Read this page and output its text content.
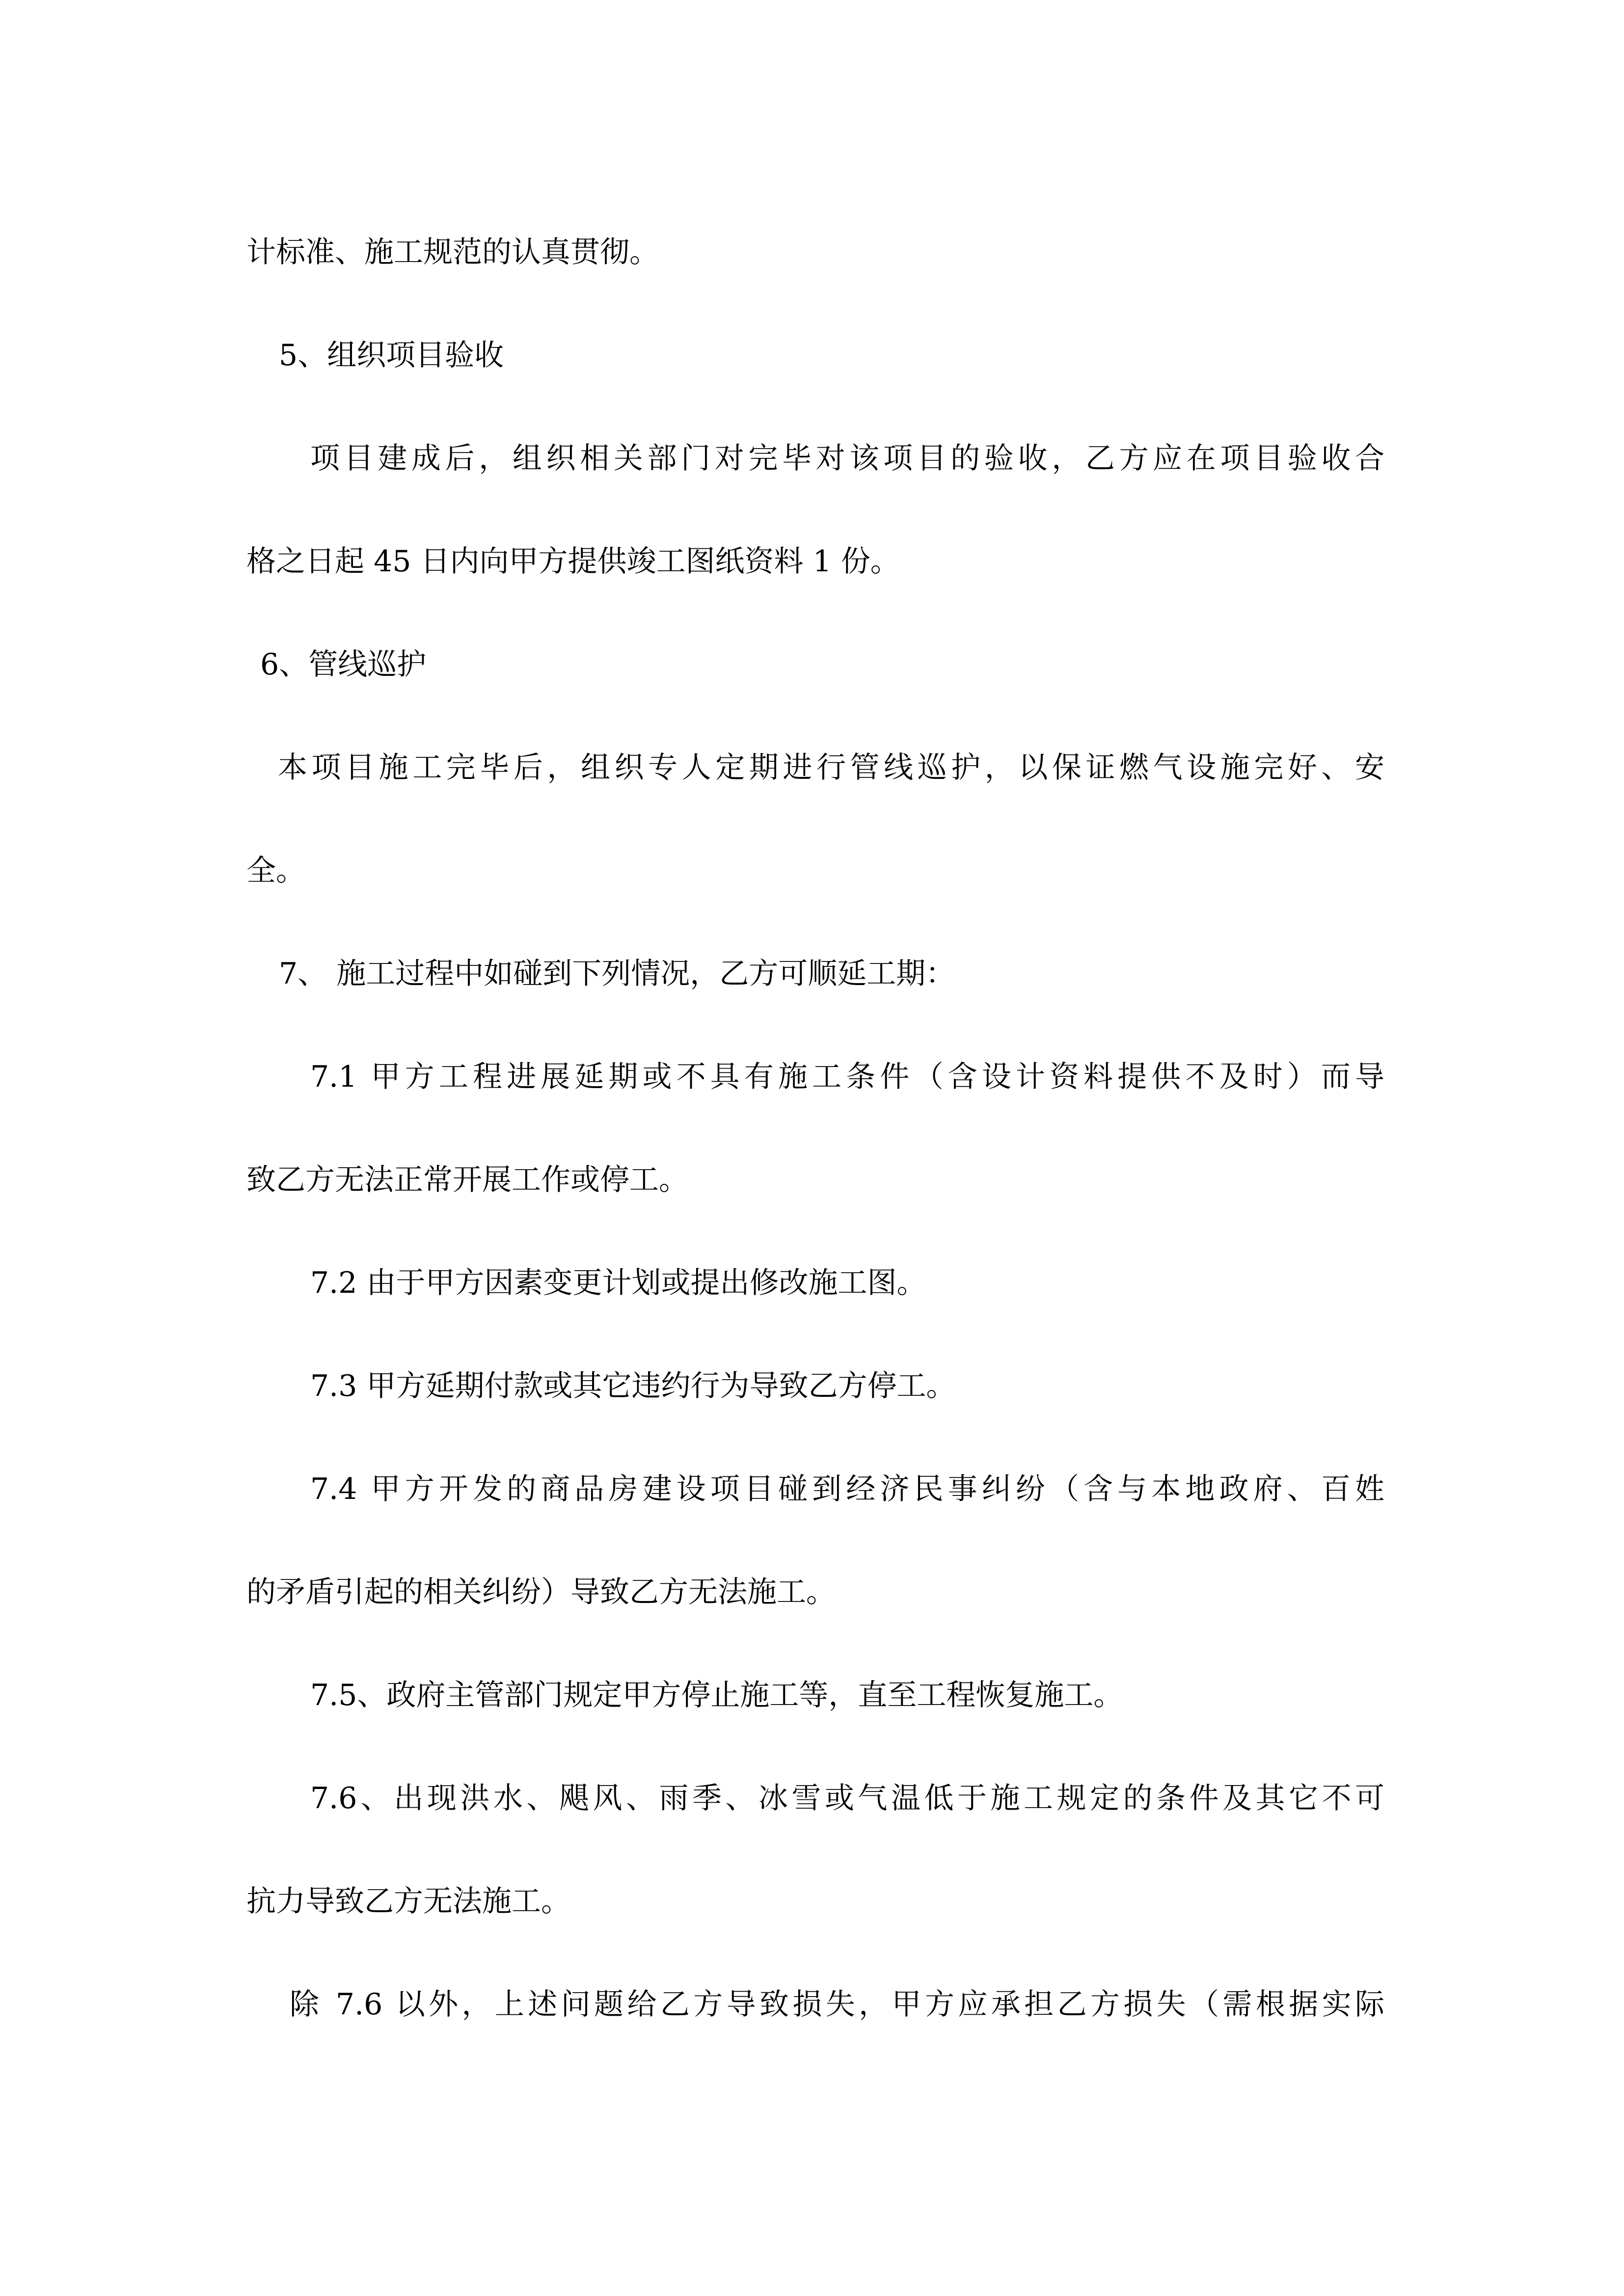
计标准、施工规范的认真贯彻。
5、组织项目验收
项目建成后，组织相关部门对完毕对该项目的验收，乙方应在项目验收合
格之日起 45 日内向甲方提供竣工图纸资料 1 份。
6、管线巡护
本项目施工完毕后，组织专人定期进行管线巡护，以保证燃气设施完好、安
全。
7、 施工过程中如碰到下列情况，乙方可顺延工期：
7.1 甲方工程进展延期或不具有施工条件（含设计资料提供不及时）而导
致乙方无法正常开展工作或停工。
7.2 由于甲方因素变更计划或提出修改施工图。
7.3 甲方延期付款或其它违约行为导致乙方停工。
7.4 甲方开发的商品房建设项目碰到经济民事纠纷（含与本地政府、百姓
的矛盾引起的相关纠纷）导致乙方无法施工。
7.5、政府主管部门规定甲方停止施工等，直至工程恢复施工。
7.6、出现洪水、飓风、雨季、冰雪或气温低于施工规定的条件及其它不可
抗力导致乙方无法施工。
除 7.6 以外，上述问题给乙方导致损失，甲方应承担乙方损失（需根据实际
